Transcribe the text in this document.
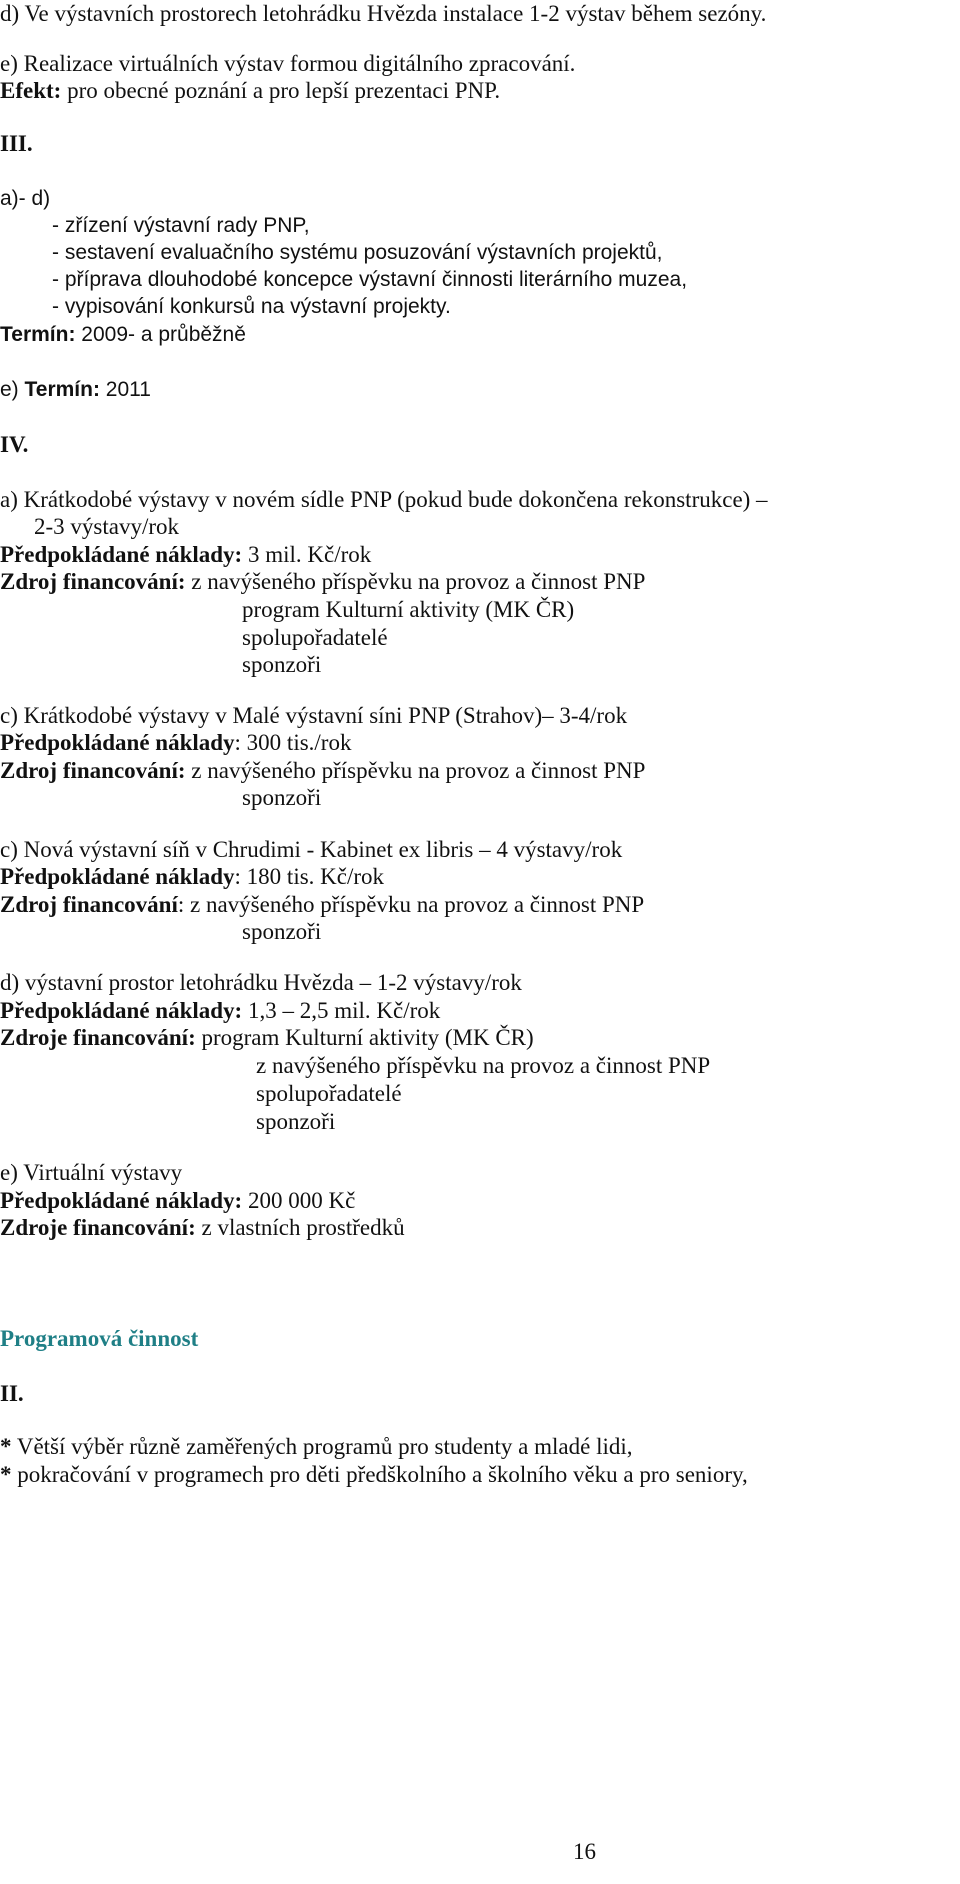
d) Ve výstavních prostorech letohrádku Hvězda instalace 1-2 výstav během sezóny.
e) Realizace virtuálních výstav formou digitálního zpracování.
Efekt: pro obecné poznání a pro lepší prezentaci PNP.
III.
a)- d)
- zřízení výstavní rady PNP,
- sestavení evaluačního systému posuzování výstavních projektů,
- příprava dlouhodobé koncepce výstavní činnosti literárního muzea,
- vypisování konkursů na výstavní projekty.
Termín: 2009- a průběžně
e) Termín: 2011
IV.
a) Krátkodobé výstavy v novém sídle PNP (pokud bude dokončena rekonstrukce) –
2-3 výstavy/rok
Předpokládané náklady: 3 mil. Kč/rok
Zdroj financování: z navýšeného příspěvku na provoz a činnost PNP
program Kulturní aktivity (MK ČR)
spolupořadatelé
sponzoři
c) Krátkodobé výstavy v Malé výstavní síni PNP (Strahov)– 3-4/rok
Předpokládané náklady: 300 tis./rok
Zdroj financování: z navýšeného příspěvku na provoz a činnost PNP
sponzoři
c) Nová výstavní síň v Chrudimi - Kabinet ex libris – 4 výstavy/rok
Předpokládané náklady: 180 tis. Kč/rok
Zdroj financování: z navýšeného příspěvku na provoz a činnost PNP
sponzoři
d) výstavní prostor letohrádku Hvězda – 1-2 výstavy/rok
Předpokládané náklady: 1,3 – 2,5 mil. Kč/rok
Zdroje financování: program Kulturní aktivity (MK ČR)
z navýšeného příspěvku na provoz a činnost PNP
spolupořadatelé
sponzoři
e) Virtuální výstavy
Předpokládané náklady: 200 000 Kč
Zdroje financování: z vlastních prostředků
Programová činnost
II.
* Větší výběr různě zaměřených programů pro studenty a mladé lidi,
* pokračování v programech pro děti předškolního a školního věku a pro seniory,
16
